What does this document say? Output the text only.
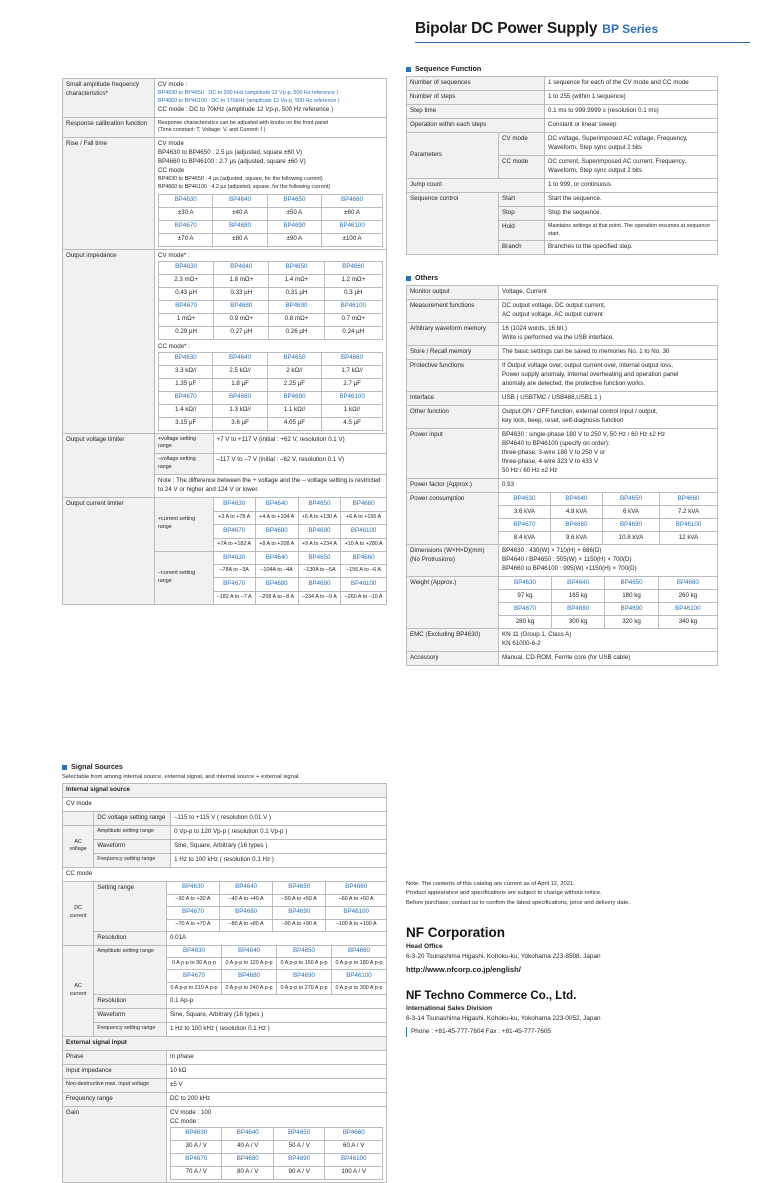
Bipolar DC Power Supply BP Series
Small amplitude frequency characteristics*	
CV mode :
BP4630 to BP4650 : DC to 200 kHz (amplitude 12 Vp-p, 500 Hz reference )
BP4660 to BP46100 : DC to 170kHz (amplitude 12 Vp-p, 500 Hz reference )
CC mode : DC to 70kHz (amplitude 12 Vp-p, 500 Hz reference )

Response calibration function	Response characteristics can be adjusted with knobs on the front panel
(Time constant: T, Voltage: V, and Current: I )

Rise / Fall time	CV mode
BP4630 to BP4650 : 2.5 µs (adjusted, square ±60 V)
BP4660 to BP46100 : 2.7 µs (adjusted, square ±60 V)
CC mode
BP4630 to BP4650 : 4 µs (adjusted, square, for the following current)
BP4660 to BP46100 : 4.2 µs (adjusted, square, for the following current)
BP4630	BP4640	BP4650	BP4660
±30 A	±40 A	±50 A	±60 A
BP4670	BP4680	BP4690	BP46100
±70 A	±80 A	±90 A	±100 A

Output impedance	CV mode* :
BP4630	BP4640	BP4650	BP4660
2.3 mΩ+	1.8 mΩ+	1.4 mΩ+	1.2 mΩ+
0.43 µH	0.33 µH	0.31 µH	0.3 µH
BP4670	BP4680	BP4690	BP46100
1 mΩ+	0.9 mΩ+	0.8 mΩ+	0.7 mΩ+
0.29 µH	0.27 µH	0.26 µH	0.24 µH
CC mode* :
BP4630	BP4640	BP4650	BP4660
3.3 kΩ//	2.5 kΩ//	2 kΩ//	1.7 kΩ//
1.35 µF	1.8 µF	2.25 µF	2.7 µF
BP4670	BP4680	BP4690	BP46100
1.4 kΩ//	1.3 kΩ//	1.1 kΩ//	1 kΩ//
3.15 µF	3.6 µF	4.05 µF	4.5 µF

Output voltage limiter		+voltage setting range	+7 V to +117 V (initial : +62 V, resolution 0.1 V)
–voltage setting range	–117 V to –7 V (initial : –62 V, resolution 0.1 V)
Note : The difference between the + voltage and the – voltage setting is restricted to 24 V or higher and 124 V or lower.

Output current limiter	
+current setting range	BP4630	BP4640	BP4650	BP4660
+3 A to +78 A	+4 A to +104 A	+5 A to +130 A	+6 A to +156 A
BP4670	BP4680	BP4690	BP46100
+7A to +182 A	+8 A to +208 A	+9 A to +234 A	+10 A to +280 A
–current setting range	BP4630	BP4640	BP4650	BP4660
–78A to –3A	–104A to –4A	–130A to –5A	–156 A to –6 A
BP4670	BP4680	BP4690	BP46100
–182 A to –7 A	–208 A to –8 A	–234 A to –9 A	–260 A to –10 A
Signal Sources
Selectable from among internal source, external signal, and internal source + external signal.
Internal signal source
CV mode
	DC voltage setting range	–115 to +115 V ( resolution 0.01 V )
AC voltage	Amplitude setting range	0 Vp-p to 120 Vp-p ( resolution 0.1 Vp-p )
Waveform	Sine, Square, Arbitrary (16 types )
Frequency setting range	1 Hz to 100 kHz ( resolution 0.1 Hz )
CC mode
DC current	Setting range		BP4630	BP4640	BP4650	BP4660
–30 A to +30 A	–40 A to +40 A	–50 A to +50 A	–60 A to +60 A
BP4670	BP4680	BP4690	BP46100
–70 A to +70 A	–80 A to +80 A	–90 A to +90 A	–100 A to +100 A

Resolution	0.01A
AC current	Amplitude setting range		BP4630	BP4640	BP4650	BP4660
0 A p-p to 90 A p-p	0 A p-p to 120 A p-p	0 A p-p to 150 A p-p	0 A p-p to 180 A p-p
BP4670	BP4680	BP4690	BP46100
0 A p-p to 210 A p-p	0 A p-p to 240 A p-p	0 A p-p to 270 A p-p	0 A p-p to 300 A p-p

Resolution	0.1 Ap-p
Waveform	Sine, Square, Arbitrary (16 types )
Frequency setting range	1 Hz to 100 kHz ( resolution 0.1 Hz )
External signal input
Phase	In phase
Input impedance	10 kΩ
Non-destructive max. input voltage	±5 V
Frequency range	DC to 200 kHz
Gain	CV mode : 100
CC mode :
BP4630	BP4640	BP4650	BP4660
30 A / V	40 A / V	50 A / V	60 A / V
BP4670	BP4680	BP4690	BP46100
70 A / V	80 A / V	90 A / V	100 A / V
Sequence Function
Number of sequences		1 sequence for each of the CV mode and CC mode
Number of steps		1 to 255 (within 1 sequence)
Step time		0.1 ms to 999.9999 s (resolution 0.1 ms)
Operation within each steps		Constant or linear sweep
Parameters	CV mode	DC voltage, Superimposed AC voltage, Frequency,
Waveform, Step sync output 2 bits

	CC mode	DC current, Superimposed AC current, Frequency,
Waveform, Step sync output 2 bits

Jump count		1 to 999, or continuous
Sequence control	Start	Start the sequence.
	Stop	Stop the sequence.
	Hold	Maintains settings at that point. The operation resumes at sequence start.
	Branch	Branches to the specified step.
Others
Monitor output	Voltage, Current

Measurement functions	DC output voltage, DC output current,
AC output voltage, AC output current

Arbitrary waveform memory	16 (1024 words, 16 bit.)
Write is performed via the USB interface.

Store / Recall memory	The basic settings can be saved to memories No. 1 to No. 30

Protective functions	If Output voltage over, output current over, internal output loss,
Power supply anomaly, Internal overheating and operation panel
anomaly are detected, the protective function works.

Interface	USB ( USBTMC / USB488,USB1.1 )

Other function	Output ON / OFF function, external control input / output,
key lock, beep, reset, self-diagnosis function

Power input	BP4630 : single-phase 180 V to 250 V, 50 Hz / 60 Hz ±2 Hz
BP4640 to BP46100 (specify on order):
three-phase, 3-wire 180 V to 250 V or
three-phase, 4-wire 323 V to 433 V
50 Hz / 60 Hz ±2 Hz

Power factor (Approx.)	0.93

Power consumption		BP4630	BP4640	BP4650	BP4660
3.6 kVA	4.8 kVA	6 kVA	7.2 kVA
BP4670	BP4680	BP4690	BP46100
8.4 kVA	9.6 kVA	10.8 kVA	12 kVA

Dimensions (W×H×D)(mm) (No Protrusions)	
BP4630 : 430(W) × 710(H) × 686(D)
BP4640 / BP4650 : 505(W) × 1150(H) × 700(D)
BP4660 to BP46100 : 995(W) ×1150(H) × 700(D)

Weight (Approx.)		BP4630	BP4640	BP4650	BP4660
97 kg	165 kg	180 kg	260 kg
BP4670	BP4680	BP4690	BP46100
280 kg	300 kg	320 kg	340 kg

EMC (Excluding BP4630)	KN 11 (Group 1, Class A)
KN 61000-6-2

Accessory	Manual, CD-ROM, Ferrite core (for USB cable)
Note: The contents of this catalog are current as of April 12, 2021.
Product appearance and specifications are subject to change without notice.
Before purchase, contact us to confirm the latest specifications, price and delivery date.
NF Corporation
Head Office
6-3-20 Tsunashima Higashi, Kohoku-ku, Yokohama 223-8508, Japan
http://www.nfcorp.co.jp/english/
NF Techno Commerce Co., Ltd.
International Sales Division
6-3-14 Tsunashima Higashi, Kohoku-ku, Yokohama 223-0052, Japan
Phone : +81-45-777-7604 Fax : +81-45-777-7605
